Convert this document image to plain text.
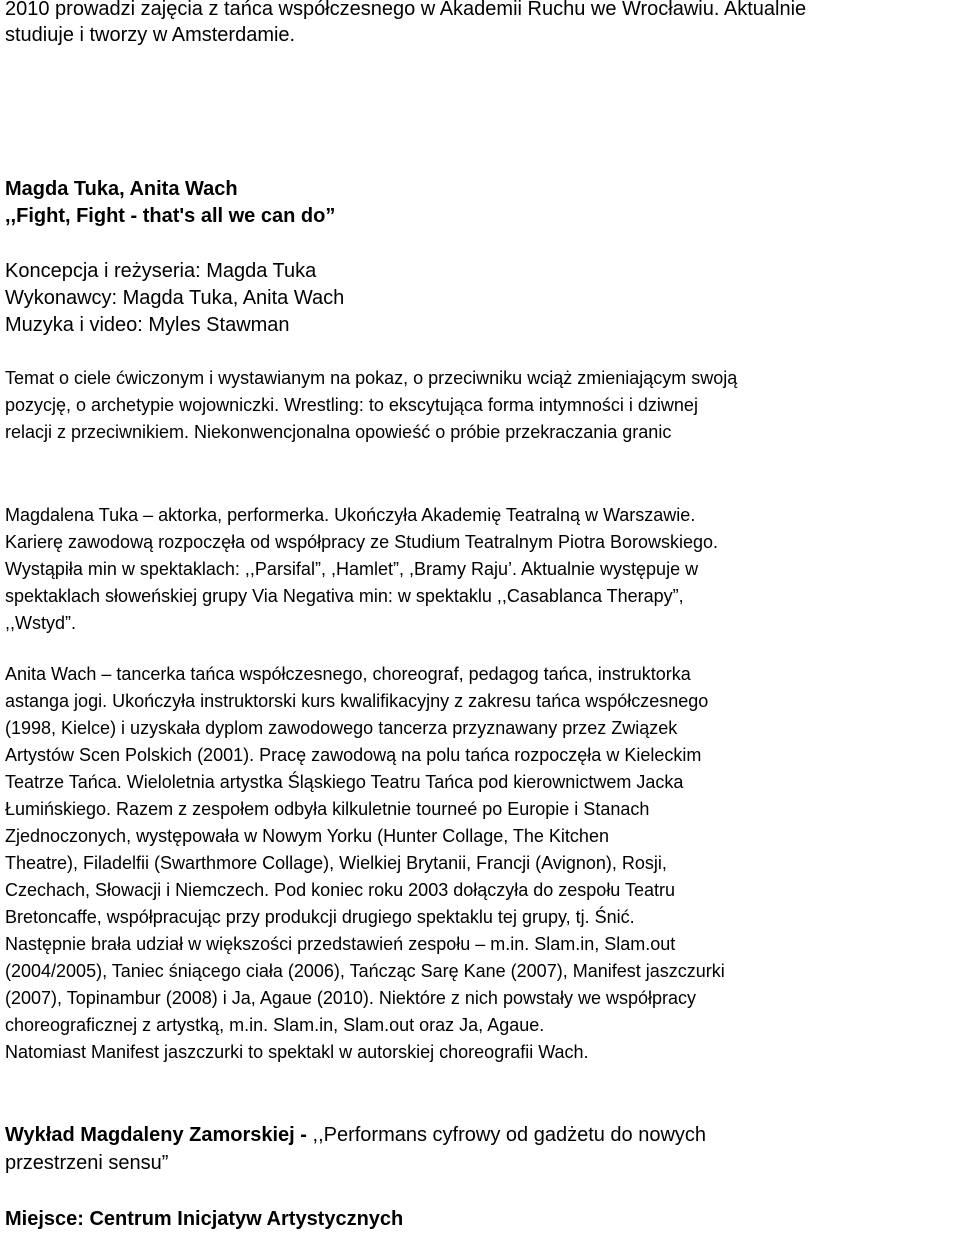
2010 prowadzi zajęcia z tańca współczesnego w Akademii Ruchu we Wrocławiu. Aktualnie
studiuje i tworzy w Amsterdamie.
Magda Tuka, Anita Wach
,,Fight, Fight - that's all we can do”
Koncepcja i reżyseria: Magda Tuka
Wykonawcy: Magda Tuka, Anita Wach
Muzyka i video: Myles Stawman
Temat o ciele ćwiczonym i wystawianym na pokaz, o przeciwniku wciąż zmieniającym swoją
pozycję, o archetypie wojowniczki. Wrestling: to ekscytująca forma intymności i dziwnej
relacji z przeciwnikiem. Niekonwencjonalna opowieść o próbie przekraczania granic
Magdalena Tuka – aktorka, performerka. Ukończyła Akademię Teatralną w Warszawie.
Karierę zawodową rozpoczęła od współpracy ze Studium Teatralnym Piotra Borowskiego.
Wystąpiła min w spektaklach: ,,Parsifal”, ,Hamlet”, ,Bramy Raju’. Aktualnie występuje w
spektaklach słoweńskiej grupy Via Negativa min: w spektaklu ,,Casablanca Therapy”,
,,Wstyd”.
Anita Wach – tancerka tańca współczesnego, choreograf, pedagog tańca, instruktorka
astanga jogi. Ukończyła instruktorski kurs kwalifikacyjny z zakresu tańca współczesnego
(1998, Kielce) i uzyskała dyplom zawodowego tancerza przyznawany przez Związek
Artystów Scen Polskich (2001). Pracę zawodową na polu tańca rozpoczęła w Kieleckim
Teatrze Tańca. Wieloletnia artystka Śląskiego Teatru Tańca pod kierownictwem Jacka
Łumińskiego. Razem z zespołem odbyła kilkuletnie tourneé po Europie i Stanach
Zjednoczonych, występowała w Nowym Yorku (Hunter Collage, The Kitchen
Theatre), Filadelfii (Swarthmore Collage), Wielkiej Brytanii, Francji (Avignon), Rosji,
Czechach, Słowacji i Niemczech. Pod koniec roku 2003 dołączyła do zespołu Teatru
Bretoncaffe, współpracując przy produkcji drugiego spektaklu tej grupy, tj. Śnić.
Następnie brała udział w większości przedstawień zespołu – m.in. Slam.in, Slam.out
(2004/2005), Taniec śniącego ciała (2006), Tańcząc Sarę Kane (2007), Manifest jaszczurki
(2007), Topinambur (2008) i Ja, Agaue (2010). Niektóre z nich powstały we współpracy
choreograficznej z artystką, m.in. Slam.in, Slam.out oraz Ja, Agaue.
Natomiast Manifest jaszczurki to spektakl w autorskiej choreografii Wach.
Wykład Magdaleny Zamorskiej - ,,Performans cyfrowy od gadżetu do nowych
przestrzeni sensu”
Miejsce: Centrum Inicjatyw Artystycznych
